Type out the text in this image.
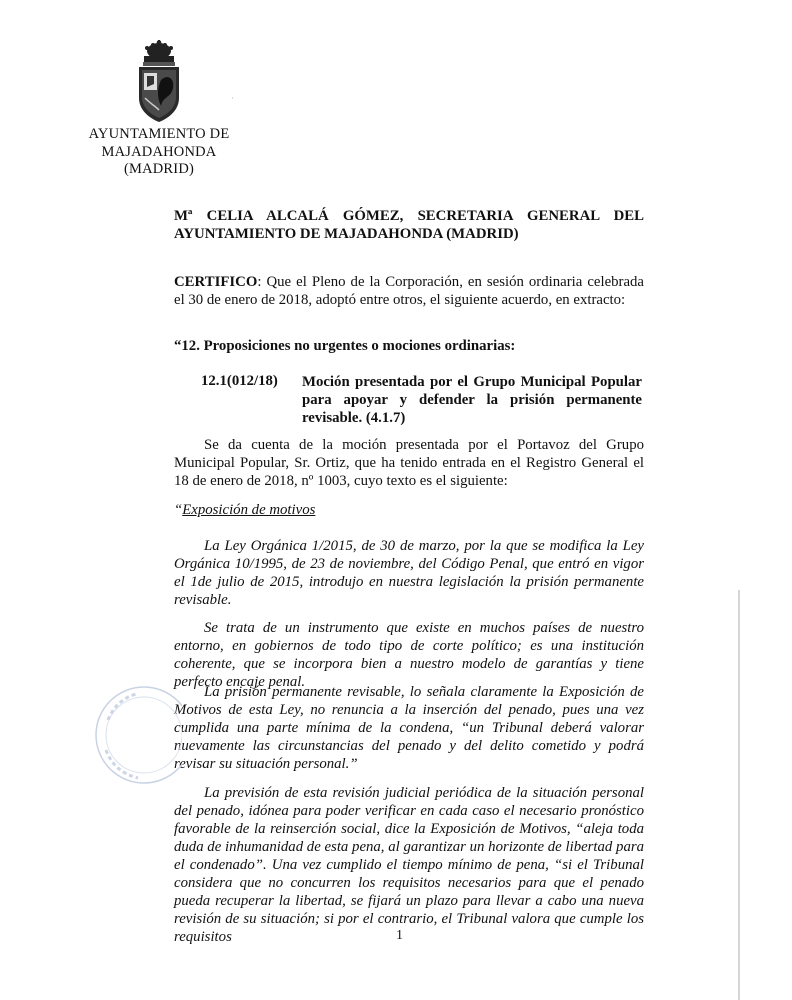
·
AYUNTAMIENTO DE
MAJADAHONDA
(MADRID)
Mª CELIA ALCALÁ GÓMEZ, SECRETARIA GENERAL DEL
AYUNTAMIENTO DE MAJADAHONDA (MADRID)
CERTIFICO: Que el Pleno de la Corporación, en sesión ordinaria celebrada el 30 de enero de 2018, adoptó entre otros, el siguiente acuerdo, en extracto:
“12. Proposiciones no urgentes o mociones ordinarias:
12.1(012/18) Moción presentada por el Grupo Municipal Popular para apoyar y defender la prisión permanente revisable. (4.1.7)
Se da cuenta de la moción presentada por el Portavoz del Grupo Municipal Popular, Sr. Ortiz, que ha tenido entrada en el Registro General el 18 de enero de 2018, nº 1003, cuyo texto es el siguiente:
“Exposición de motivos
La Ley Orgánica 1/2015, de 30 de marzo, por la que se modifica la Ley Orgánica 10/1995, de 23 de noviembre, del Código Penal, que entró en vigor el 1de julio de 2015, introdujo en nuestra legislación la prisión permanente revisable.
Se trata de un instrumento que existe en muchos países de nuestro entorno, en gobiernos de todo tipo de corte político; es una institución coherente, que se incorpora bien a nuestro modelo de garantías y tiene perfecto encaje penal.
La prisión permanente revisable, lo señala claramente la Exposición de Motivos de esta Ley, no renuncia a la inserción del penado, pues una vez cumplida una parte mínima de la condena, “un Tribunal deberá valorar nuevamente las circunstancias del penado y del delito cometido y podrá revisar su situación personal.”
La previsión de esta revisión judicial periódica de la situación personal del penado, idónea para poder verificar en cada caso el necesario pronóstico favorable de la reinserción social, dice la Exposición de Motivos, “aleja toda duda de inhumanidad de esta pena, al garantizar un horizonte de libertad para el condenado”. Una vez cumplido el tiempo mínimo de pena, “si el Tribunal considera que no concurren los requisitos necesarios para que el penado pueda recuperar la libertad, se fijará un plazo para llevar a cabo una nueva revisión de su situación; si por el contrario, el Tribunal valora que cumple los requisitos	1
